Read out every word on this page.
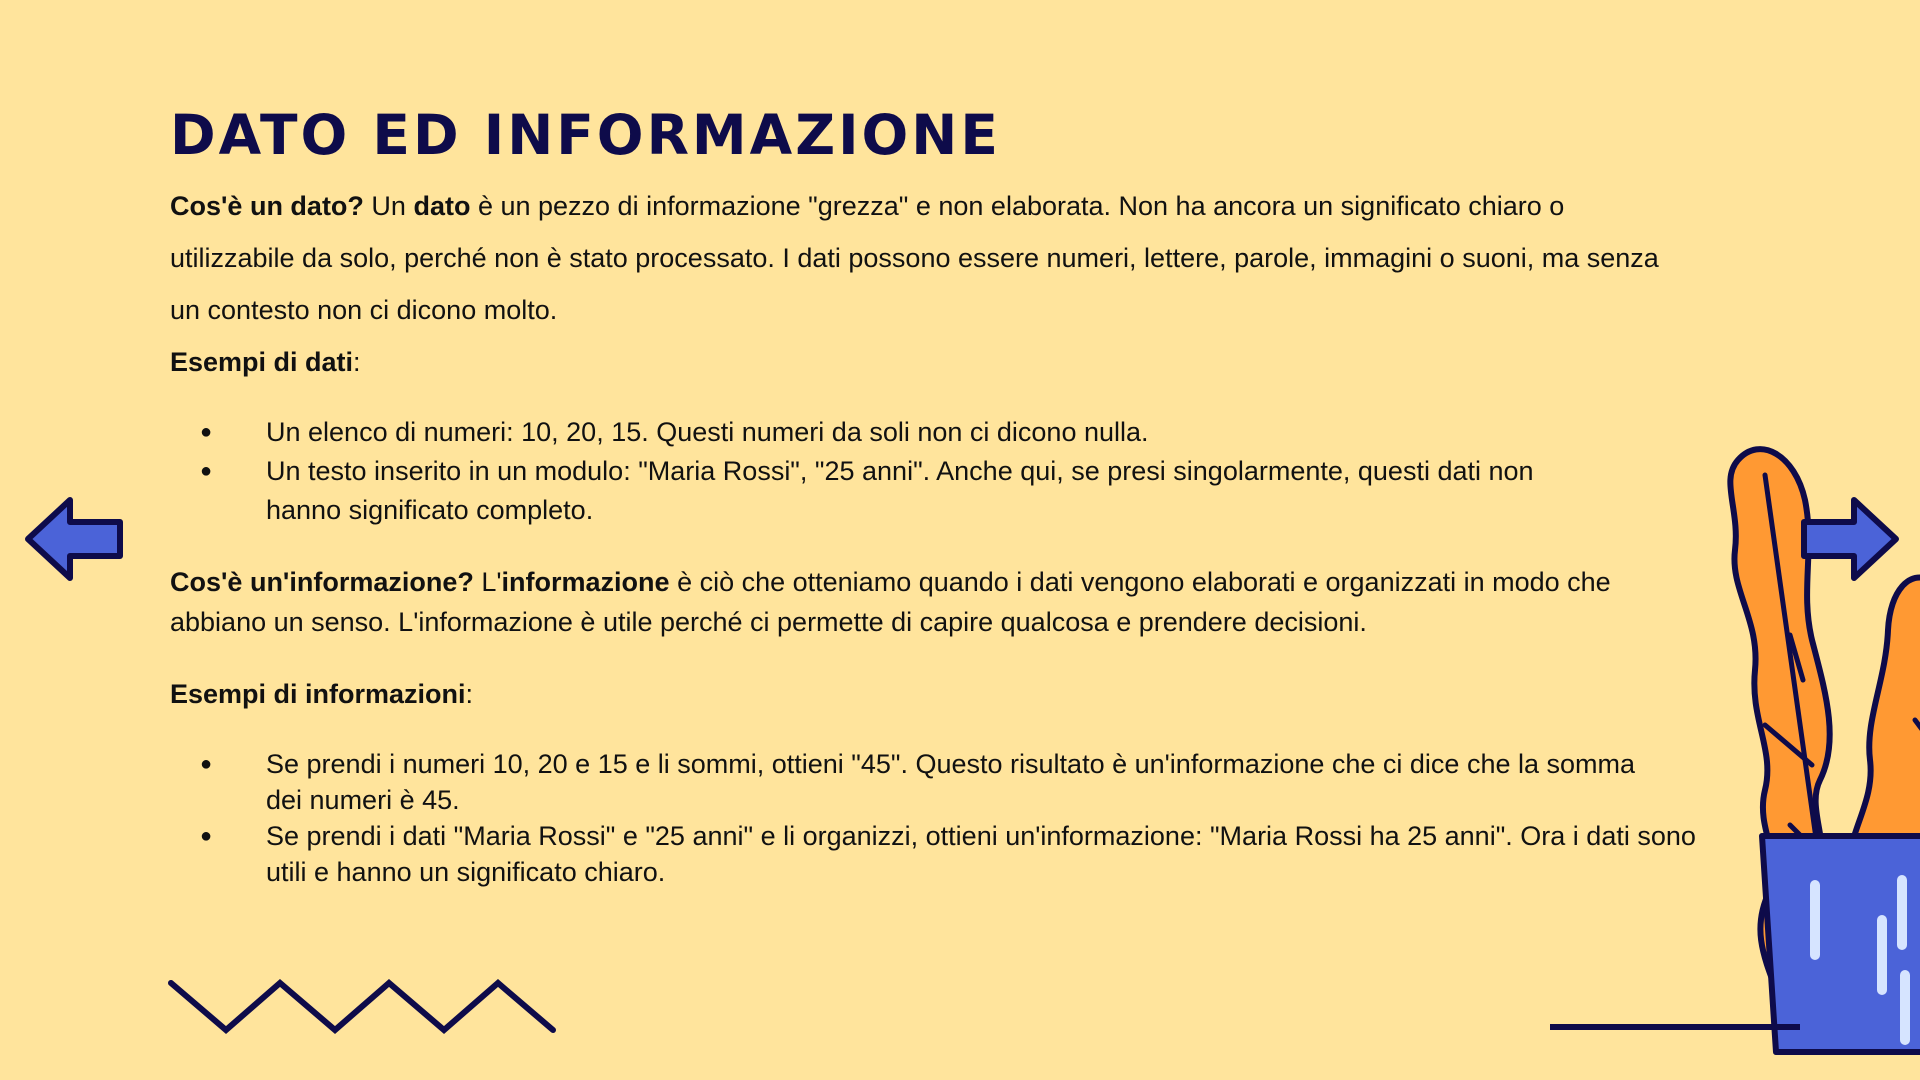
DATO ED INFORMAZIONE

Cos'è un dato? Un dato è un pezzo di informazione "grezza" e non elaborata. Non ha ancora un significato chiaro o utilizzabile da solo, perché non è stato processato. I dati possono essere numeri, lettere, parole, immagini o suoni, ma senza un contesto non ci dicono molto.

Esempi di dati:

● Un elenco di numeri: 10, 20, 15. Questi numeri da soli non ci dicono nulla.
● Un testo inserito in un modulo: "Maria Rossi", "25 anni". Anche qui, se presi singolarmente, questi dati non hanno significato completo.

Cos'è un'informazione? L'informazione è ciò che otteniamo quando i dati vengono elaborati e organizzati in modo che abbiano un senso. L'informazione è utile perché ci permette di capire qualcosa e prendere decisioni.

Esempi di informazioni:

● Se prendi i numeri 10, 20 e 15 e li sommi, ottieni "45". Questo risultato è un'informazione che ci dice che la somma dei numeri è 45.
● Se prendi i dati "Maria Rossi" e "25 anni" e li organizzi, ottieni un'informazione: "Maria Rossi ha 25 anni". Ora i dati sono utili e hanno un significato chiaro.
